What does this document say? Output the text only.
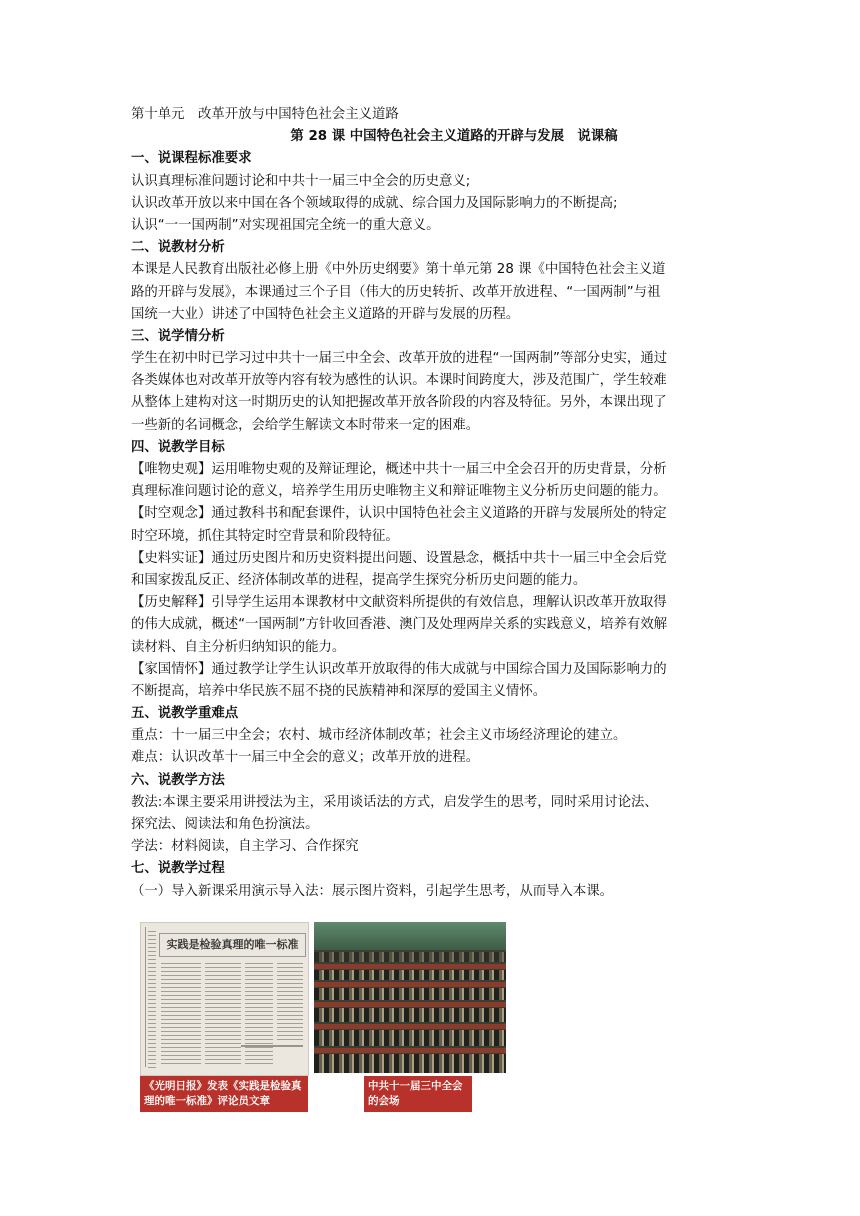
第十单元　改革开放与中国特色社会主义道路
第 28 课 中国特色社会主义道路的开辟与发展　说课稿
一、说课程标准要求
认识真理标准问题讨论和中共十一届三中全会的历史意义;
认识改革开放以来中国在各个领域取得的成就、综合国力及国际影响力的不断提高;
认识“一一国两制”对实现祖国完全统一的重大意义。
二、说教材分析
本课是人民教育出版社必修上册《中外历史纲要》第十单元第 28 课《中国特色社会主义道
路的开辟与发展》，本课通过三个子目（伟大的历史转折、改革开放进程、“一国两制”与祖
国统一大业）讲述了中国特色社会主义道路的开辟与发展的历程。
三、说学情分析
学生在初中时已学习过中共十一届三中全会、改革开放的进程“一国两制”等部分史实，通过
各类媒体也对改革开放等内容有较为感性的认识。本课时间跨度大，涉及范围广，学生较难
从整体上建构对这一时期历史的认知把握改革开放各阶段的内容及特征。另外，本课出现了
一些新的名词概念，会给学生解读文本时带来一定的困难。
四、说教学目标
【唯物史观】运用唯物史观的及辩证理论，概述中共十一届三中全会召开的历史背景，分析
真理标准问题讨论的意义，培养学生用历史唯物主义和辩证唯物主义分析历史问题的能力。
【时空观念】通过教科书和配套课件，认识中国特色社会主义道路的开辟与发展所处的特定
时空环境，抓住其特定时空背景和阶段特征。
【史料实证】通过历史图片和历史资料提出问题、设置悬念，概括中共十一届三中全会后党
和国家拨乱反正、经济体制改革的进程，提高学生探究分析历史问题的能力。
【历史解释】引导学生运用本课教材中文献资料所提供的有效信息，理解认识改革开放取得
的伟大成就，概述“一国两制”方针收回香港、澳门及处理两岸关系的实践意义，培养有效解
读材料、自主分析归纳知识的能力。
【家国情怀】通过教学让学生认识改革开放取得的伟大成就与中国综合国力及国际影响力的
不断提高，培养中华民族不屈不挠的民族精神和深厚的爱国主义情怀。
五、说教学重难点
重点：十一届三中全会；农村、城市经济体制改革；社会主义市场经济理论的建立。
难点：认识改革十一届三中全会的意义；改革开放的进程。
六、说教学方法
教法:本课主要采用讲授法为主，采用谈话法的方式，启发学生的思考，同时采用讨论法、
探究法、阅读法和角色扮演法。
学法：材料阅读，自主学习、合作探究
七、说教学过程
（一）导入新课采用演示导入法：展示图片资料，引起学生思考，从而导入本课。
实践是检验真理的唯一标准
《光明日报》发表《实践是检验真理的唯一标准》评论员文章
中共十一届三中全会的会场
